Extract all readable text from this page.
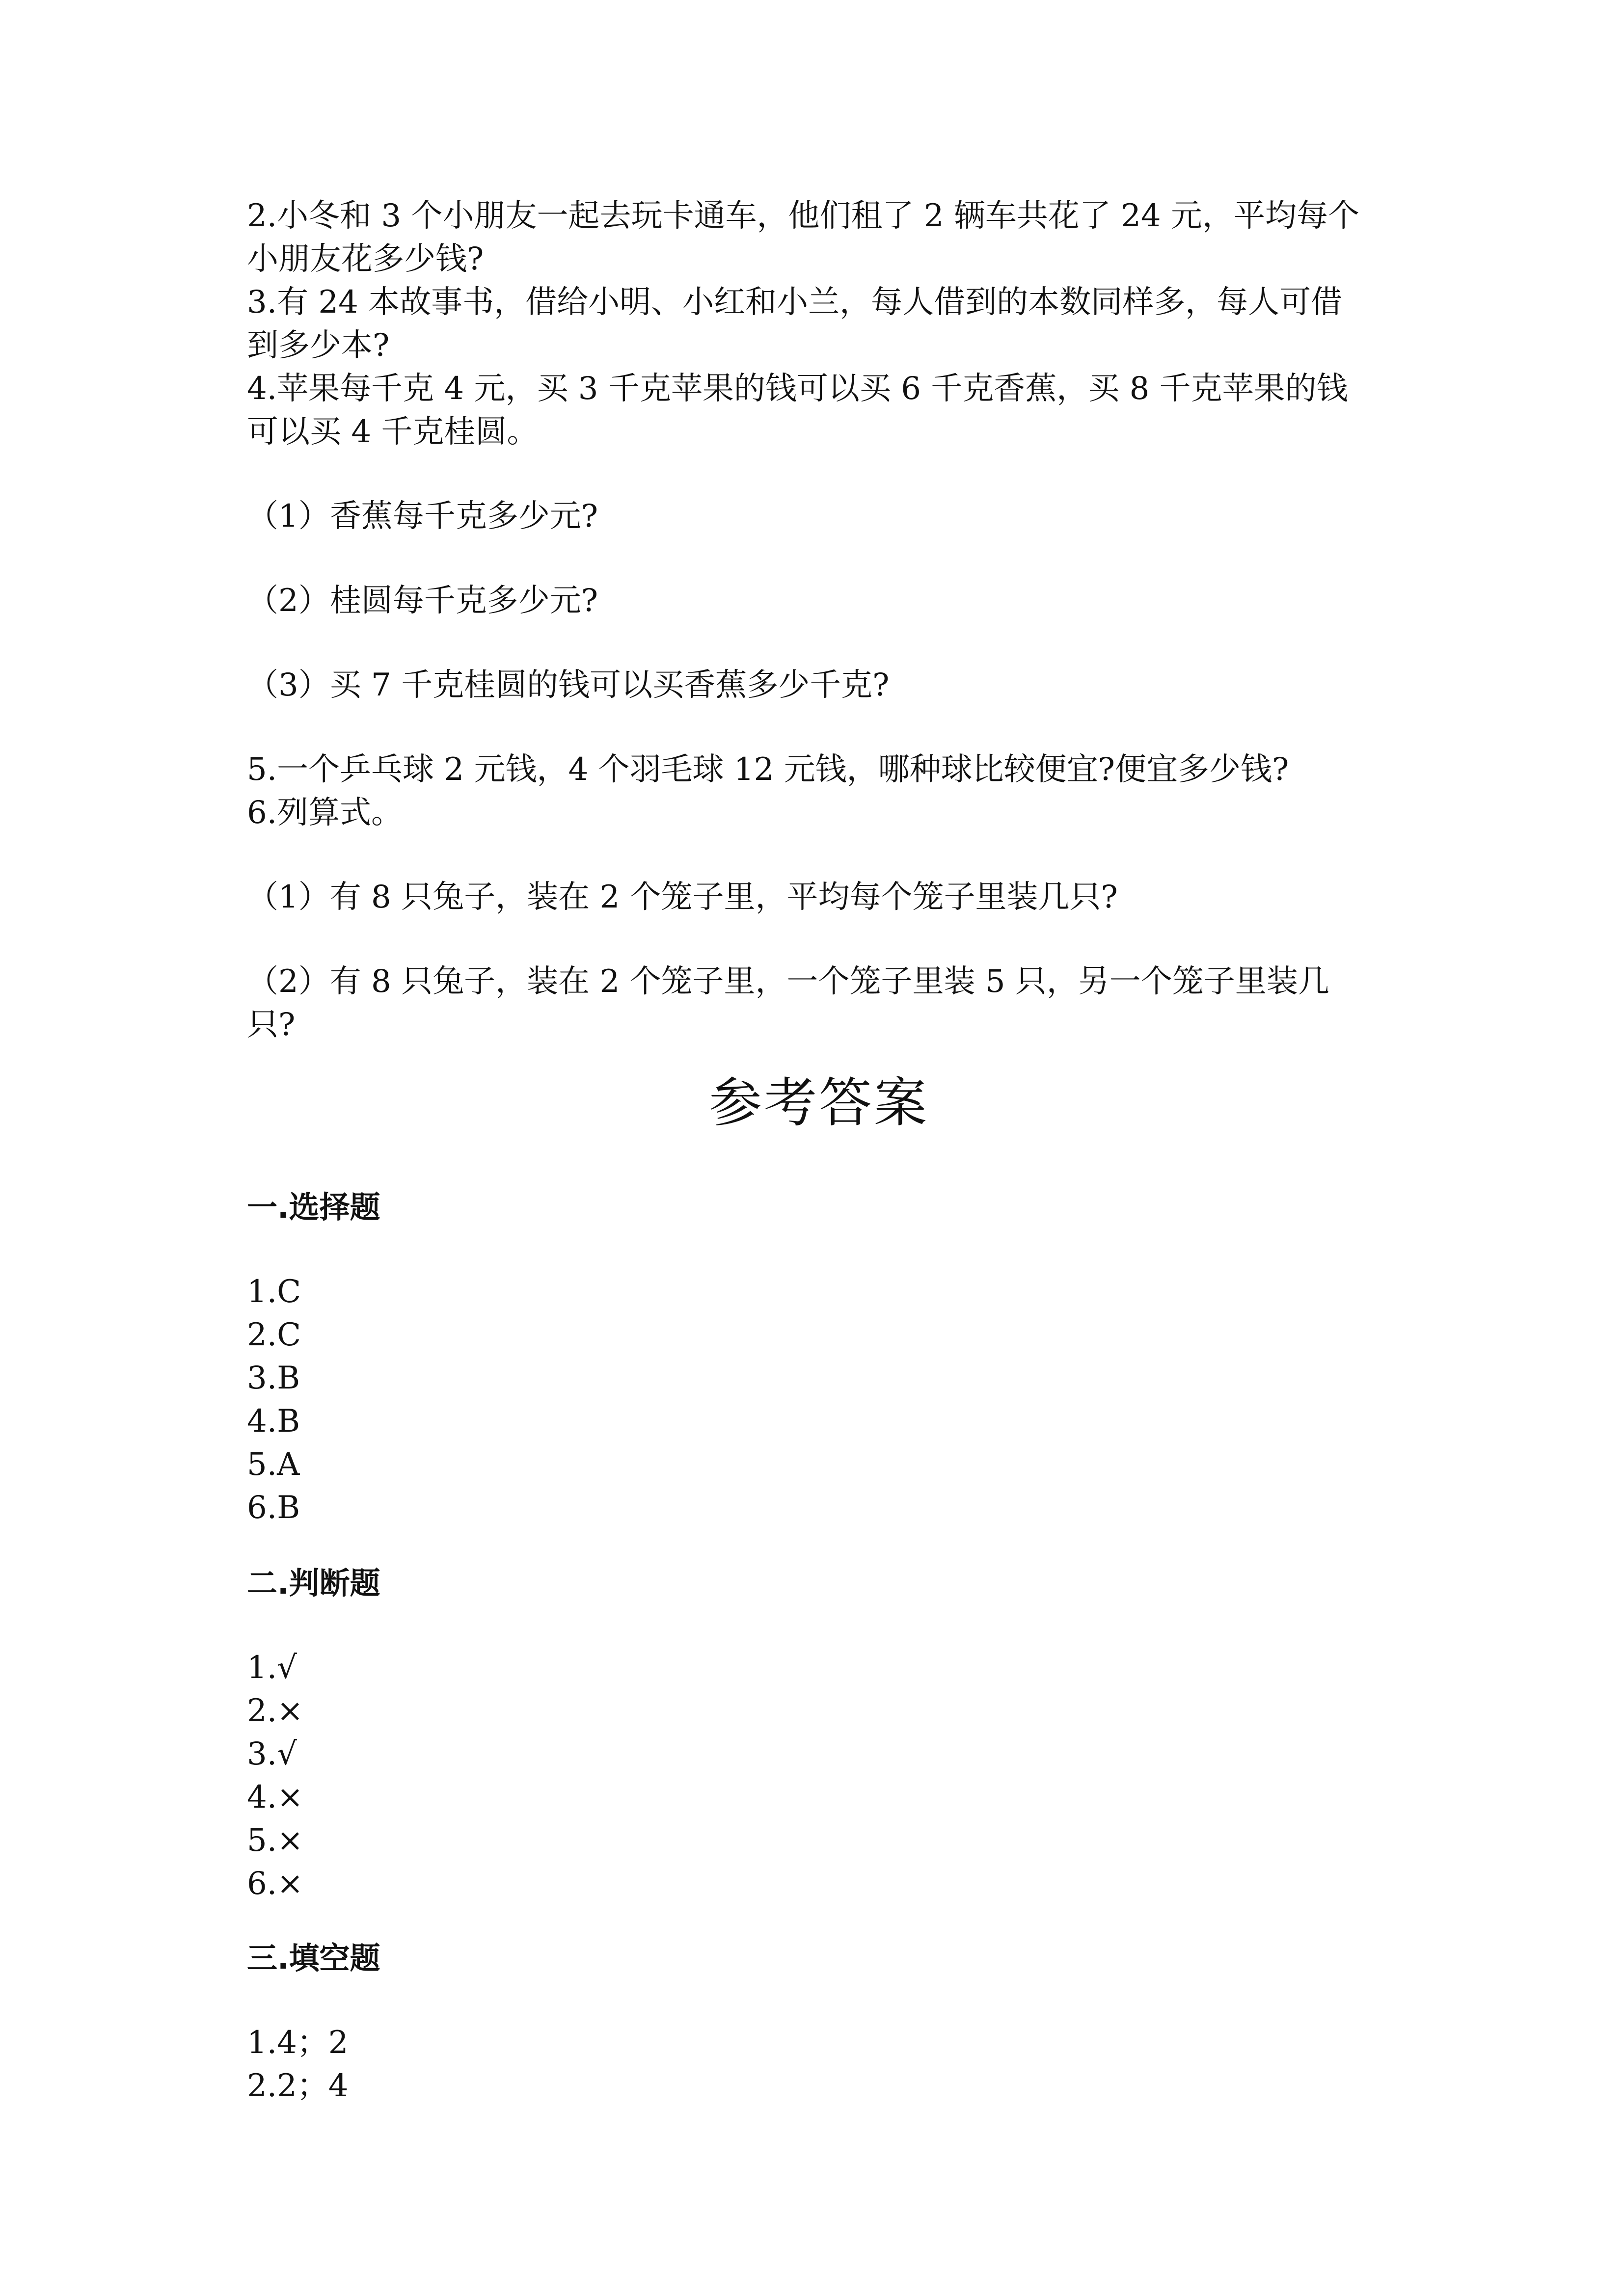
2.小冬和 3 个小朋友一起去玩卡通车，他们租了 2 辆车共花了 24 元，平均每个
小朋友花多少钱?
3.有 24 本故事书，借给小明、小红和小兰，每人借到的本数同样多，每人可借
到多少本?
4.苹果每千克 4 元，买 3 千克苹果的钱可以买 6 千克香蕉，买 8 千克苹果的钱
可以买 4 千克桂圆。
（1）香蕉每千克多少元?
（2）桂圆每千克多少元?
（3）买 7 千克桂圆的钱可以买香蕉多少千克?
5.一个乒乓球 2 元钱，4 个羽毛球 12 元钱，哪种球比较便宜?便宜多少钱?
6.列算式。
（1）有 8 只兔子，装在 2 个笼子里，平均每个笼子里装几只?
（2）有 8 只兔子，装在 2 个笼子里，一个笼子里装 5 只，另一个笼子里装几
只?
参考答案
一.选择题
1.C
2.C
3.B
4.B
5.A
6.B
二.判断题
1.√
2.×
3.√
4.×
5.×
6.×
三.填空题
1.4；2
2.2；4
